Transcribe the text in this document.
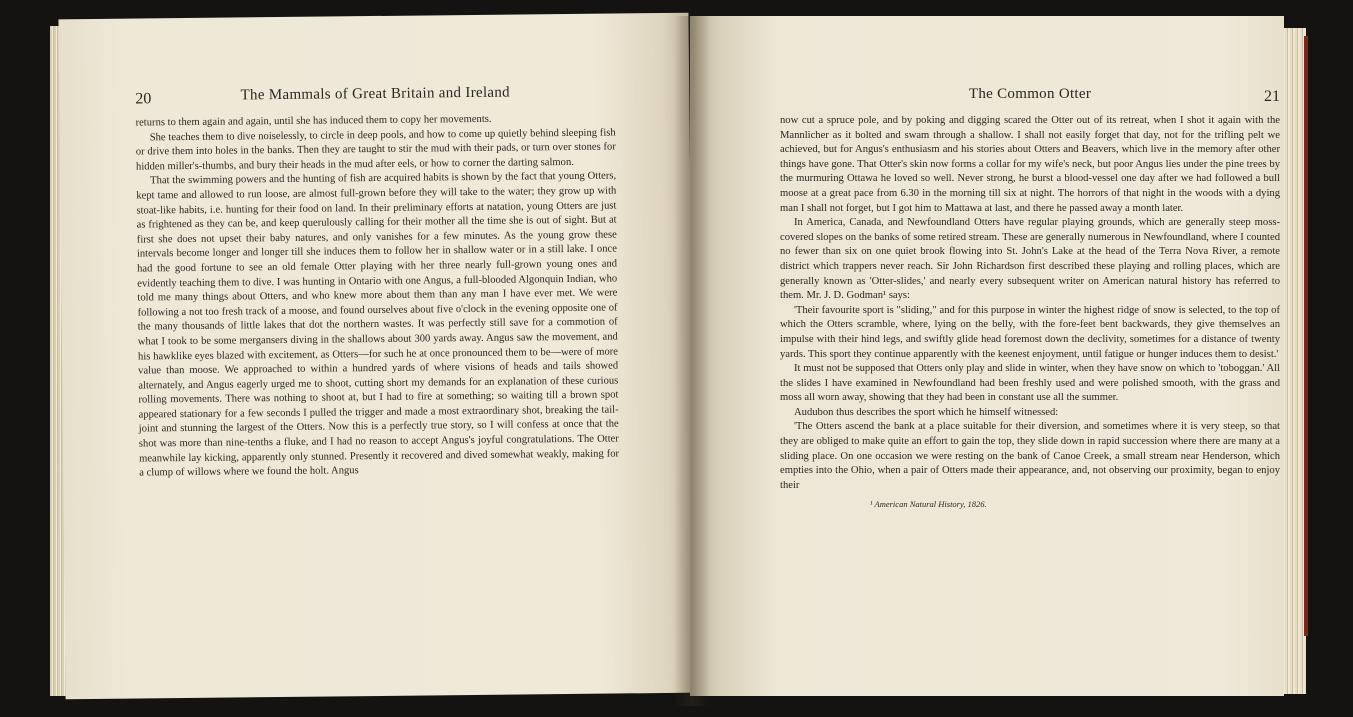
20	The Mammals of Great Britain and Ireland

returns to them again and again, until she has induced them to copy her movements.

She teaches them to dive noiselessly, to circle in deep pools, and how to come up quietly behind sleeping fish or drive them into holes in the banks. Then they are taught to stir the mud with their pads, or turn over stones for hidden miller's-thumbs, and bury their heads in the mud after eels, or how to corner the darting salmon.

That the swimming powers and the hunting of fish are acquired habits is shown by the fact that young Otters, kept tame and allowed to run loose, are almost full-grown before they will take to the water; they grow up with stoat-like habits, i.e. hunting for their food on land. In their preliminary efforts at natation, young Otters are just as frightened as they can be, and keep querulously calling for their mother all the time she is out of sight. But at first she does not upset their baby natures, and only vanishes for a few minutes. As the young grow these intervals become longer and longer till she induces them to follow her in shallow water or in a still lake. I once had the good fortune to see an old female Otter playing with her three nearly full-grown young ones and evidently teaching them to dive. I was hunting in Ontario with one Angus, a full-blooded Algonquin Indian, who told me many things about Otters, and who knew more about them than any man I have ever met. We were following a not too fresh track of a moose, and found ourselves about five o'clock in the evening opposite one of the many thousands of little lakes that dot the northern wastes. It was perfectly still save for a commotion of what I took to be some mergansers diving in the shallows about 300 yards away. Angus saw the movement, and his hawklike eyes blazed with excitement, as Otters—for such he at once pronounced them to be—were of more value than moose. We approached to within a hundred yards of where visions of heads and tails showed alternately, and Angus eagerly urged me to shoot, cutting short my demands for an explanation of these curious rolling movements. There was nothing to shoot at, but I had to fire at something; so waiting till a brown spot appeared stationary for a few seconds I pulled the trigger and made a most extraordinary shot, breaking the tail-joint and stunning the largest of the Otters. Now this is a perfectly true story, so I will confess at once that the shot was more than nine-tenths a fluke, and I had no reason to accept Angus's joyful congratulations. The Otter meanwhile lay kicking, apparently only stunned. Presently it recovered and dived somewhat weakly, making for a clump of willows where we found the holt. Angus

The Common Otter	21

now cut a spruce pole, and by poking and digging scared the Otter out of its retreat, when I shot it again with the Mannlicher as it bolted and swam through a shallow. I shall not easily forget that day, not for the trifling pelt we achieved, but for Angus's enthusiasm and his stories about Otters and Beavers, which live in the memory after other things have gone. That Otter's skin now forms a collar for my wife's neck, but poor Angus lies under the pine trees by the murmuring Ottawa he loved so well. Never strong, he burst a blood-vessel one day after we had followed a bull moose at a great pace from 6.30 in the morning till six at night. The horrors of that night in the woods with a dying man I shall not forget, but I got him to Mattawa at last, and there he passed away a month later.

In America, Canada, and Newfoundland Otters have regular playing grounds, which are generally steep moss-covered slopes on the banks of some retired stream. These are generally numerous in Newfoundland, where I counted no fewer than six on one quiet brook flowing into St. John's Lake at the head of the Terra Nova River, a remote district which trappers never reach. Sir John Richardson first described these playing and rolling places, which are generally known as 'Otter-slides,' and nearly every subsequent writer on American natural history has referred to them. Mr. J. D. Godman¹ says:

'Their favourite sport is "sliding," and for this purpose in winter the highest ridge of snow is selected, to the top of which the Otters scramble, where, lying on the belly, with the fore-feet bent backwards, they give themselves an impulse with their hind legs, and swiftly glide head foremost down the declivity, sometimes for a distance of twenty yards. This sport they continue apparently with the keenest enjoyment, until fatigue or hunger induces them to desist.'

It must not be supposed that Otters only play and slide in winter, when they have snow on which to 'toboggan.' All the slides I have examined in Newfoundland had been freshly used and were polished smooth, with the grass and moss all worn away, showing that they had been in constant use all the summer.

Audubon thus describes the sport which he himself witnessed:

'The Otters ascend the bank at a place suitable for their diversion, and sometimes where it is very steep, so that they are obliged to make quite an effort to gain the top, they slide down in rapid succession where there are many at a sliding place. On one occasion we were resting on the bank of Canoe Creek, a small stream near Henderson, which empties into the Ohio, when a pair of Otters made their appearance, and, not observing our proximity, began to enjoy their

¹ American Natural History, 1826.
